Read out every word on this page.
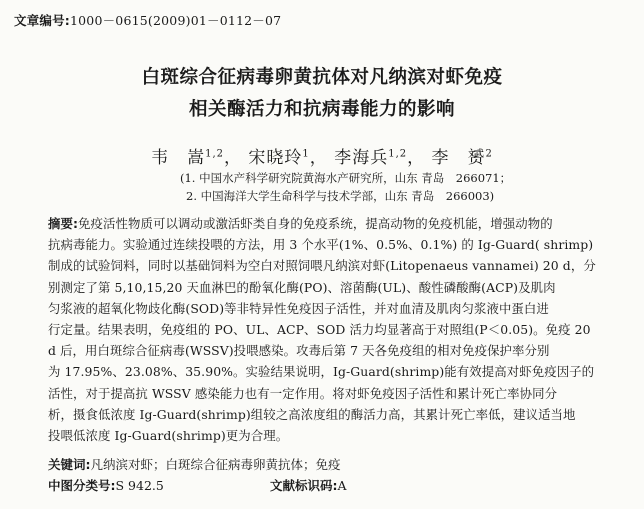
文章编号:1000－0615(2009)01－0112－07
白斑综合征病毒卵黄抗体对凡纳滨对虾免疫
相关酶活力和抗病毒能力的影响
韦　嵩$^{1,2}$， 宋晓玲$^1$， 李海兵$^{1,2}$， 李　赟$^2$
(1. 中国水产科学研究院黄海水产研究所，山东 青岛　266071；
2. 中国海洋大学生命科学与技术学部，山东 青岛　266003)
摘要:免疫活性物质可以调动或激活虾类自身的免疫系统，提高动物的免疫机能，增强动物的
抗病毒能力。实验通过连续投喂的方法，用 3 个水平(1%、0.5%、0.1%) 的 Ig-Guard( shrimp)
制成的试验饲料，同时以基础饲料为空白对照饲喂凡纳滨对虾(Litopenaeus vannamei) 20 d，分
别测定了第 5,10,15,20 天血淋巴的酚氧化酶(PO)、溶菌酶(UL)、酸性磷酸酶(ACP)及肌肉
匀浆液的超氧化物歧化酶(SOD)等非特异性免疫因子活性，并对血清及肌肉匀浆液中蛋白进
行定量。结果表明，免疫组的 PO、UL、ACP、SOD 活力均显著高于对照组(P＜0.05)。免疫 20
d 后，用白斑综合征病毒(WSSV)投喂感染。攻毒后第 7 天各免疫组的相对免疫保护率分别
为 17.95%、23.08%、35.90%。实验结果说明，Ig-Guard(shrimp)能有效提高对虾免疫因子的
活性，对于提高抗 WSSV 感染能力也有一定作用。将对虾免疫因子活性和累计死亡率协同分
析，摄食低浓度 Ig-Guard(shrimp)组较之高浓度组的酶活力高，其累计死亡率低，建议适当地
投喂低浓度 Ig-Guard(shrimp)更为合理。
关键词:凡纳滨对虾；白斑综合征病毒卵黄抗体；免疫
中图分类号:S 942.5	文献标识码:A
